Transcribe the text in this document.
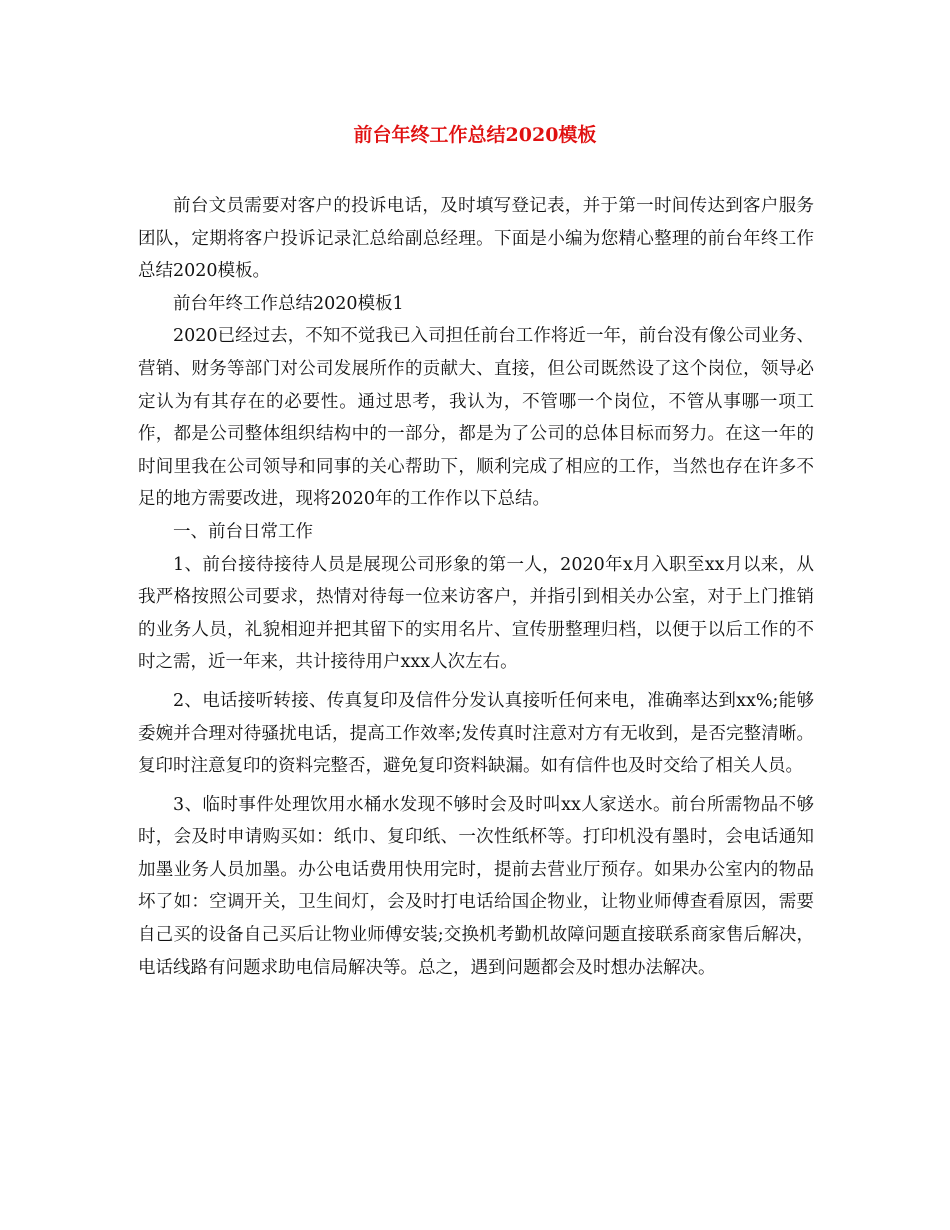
前台年终工作总结2020模板

前台文员需要对客户的投诉电话，及时填写登记表，并于第一时间传达到客户服务团队，定期将客户投诉记录汇总给副总经理。下面是小编为您精心整理的前台年终工作总结2020模板。

前台年终工作总结2020模板1

2020已经过去，不知不觉我已入司担任前台工作将近一年，前台没有像公司业务、营销、财务等部门对公司发展所作的贡献大、直接，但公司既然设了这个岗位，领导必定认为有其存在的必要性。通过思考，我认为，不管哪一个岗位，不管从事哪一项工作，都是公司整体组织结构中的一部分，都是为了公司的总体目标而努力。在这一年的时间里我在公司领导和同事的关心帮助下，顺利完成了相应的工作，当然也存在许多不足的地方需要改进，现将2020年的工作作以下总结。

一、前台日常工作

1、前台接待接待人员是展现公司形象的第一人，2020年x月入职至xx月以来，从我严格按照公司要求，热情对待每一位来访客户，并指引到相关办公室，对于上门推销的业务人员，礼貌相迎并把其留下的实用名片、宣传册整理归档，以便于以后工作的不时之需，近一年来，共计接待用户xxx人次左右。

2、电话接听转接、传真复印及信件分发认真接听任何来电，准确率达到xx%;能够委婉并合理对待骚扰电话，提高工作效率;发传真时注意对方有无收到，是否完整清晰。复印时注意复印的资料完整否，避免复印资料缺漏。如有信件也及时交给了相关人员。

3、临时事件处理饮用水桶水发现不够时会及时叫xx人家送水。前台所需物品不够时，会及时申请购买如：纸巾、复印纸、一次性纸杯等。打印机没有墨时，会电话通知加墨业务人员加墨。办公电话费用快用完时，提前去营业厅预存。如果办公室内的物品坏了如：空调开关，卫生间灯，会及时打电话给国企物业，让物业师傅查看原因，需要自己买的设备自己买后让物业师傅安装;交换机考勤机故障问题直接联系商家售后解决，电话线路有问题求助电信局解决等。总之，遇到问题都会及时想办法解决。
